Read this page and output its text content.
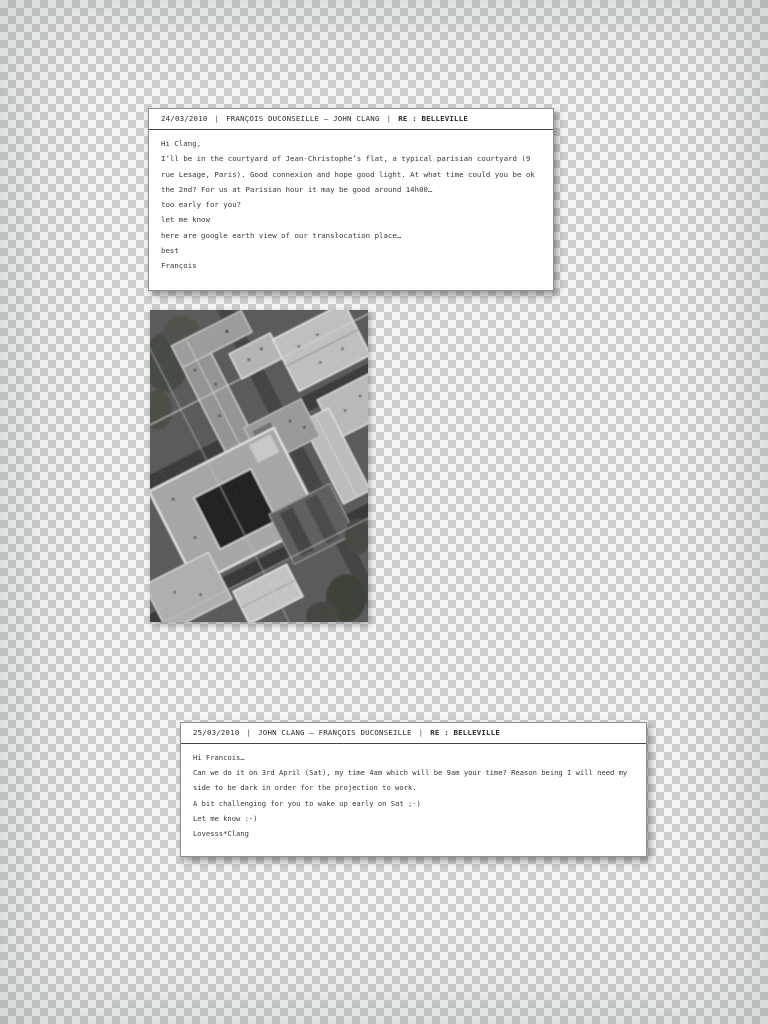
24/03/2010 | FRANÇOIS DUCONSEILLE — JOHN CLANG | RE : BELLEVILLE
Hi Clang,
I’ll be in the courtyard of Jean-Christophe’s flat, a typical parisian courtyard (9
rue Lesage, Paris). Good connexion and hope good light. At what time could you be ok
the 2nd? For us at Parisian hour it may be good around 14h00…
too early for you?
let me know
here are google earth view of our translocation place…
best
François
25/03/2010 | JOHN CLANG — FRANÇOIS DUCONSEILLE | RE : BELLEVILLE
Hi Francois…
Can we do it on 3rd April (Sat), my time 4am which will be 9am your time? Reason being I will need my
side to be dark in order for the projection to work.
A bit challenging for you to wake up early on Sat ;-)
Let me know :-)
Lovesss*Clang
